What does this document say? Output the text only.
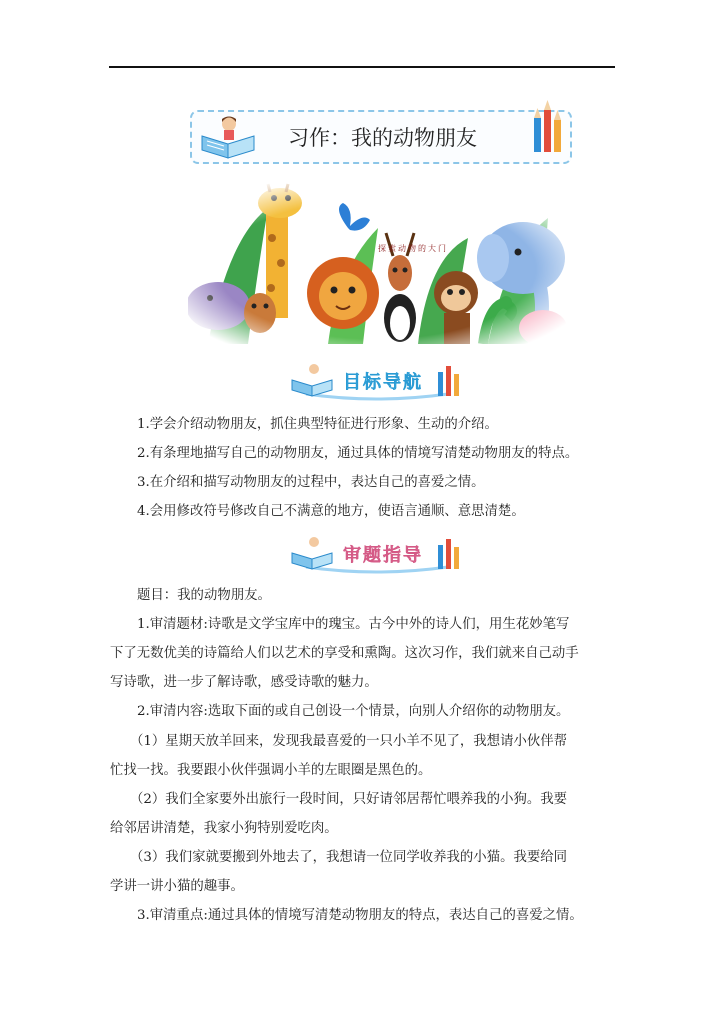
习作：我的动物朋友
探索动物的大门
目标导航
1.学会介绍动物朋友，抓住典型特征进行形象、生动的介绍。
2.有条理地描写自己的动物朋友，通过具体的情境写清楚动物朋友的特点。
3.在介绍和描写动物朋友的过程中，表达自己的喜爱之情。
4.会用修改符号修改自己不满意的地方，使语言通顺、意思清楚。
审题指导
题目：我的动物朋友。
1.审清题材:诗歌是文学宝库中的瑰宝。古今中外的诗人们，用生花妙笔写
下了无数优美的诗篇给人们以艺术的享受和熏陶。这次习作，我们就来自己动手
写诗歌，进一步了解诗歌，感受诗歌的魅力。
2.审清内容:选取下面的或自己创设一个情景，向别人介绍你的动物朋友。
（1）星期天放羊回来，发现我最喜爱的一只小羊不见了，我想请小伙伴帮
忙找一找。我要跟小伙伴强调小羊的左眼圈是黑色的。
（2）我们全家要外出旅行一段时间，只好请邻居帮忙喂养我的小狗。我要
给邻居讲清楚，我家小狗特别爱吃肉。
（3）我们家就要搬到外地去了，我想请一位同学收养我的小猫。我要给同
学讲一讲小猫的趣事。
3.审清重点:通过具体的情境写清楚动物朋友的特点，表达自己的喜爱之情。
